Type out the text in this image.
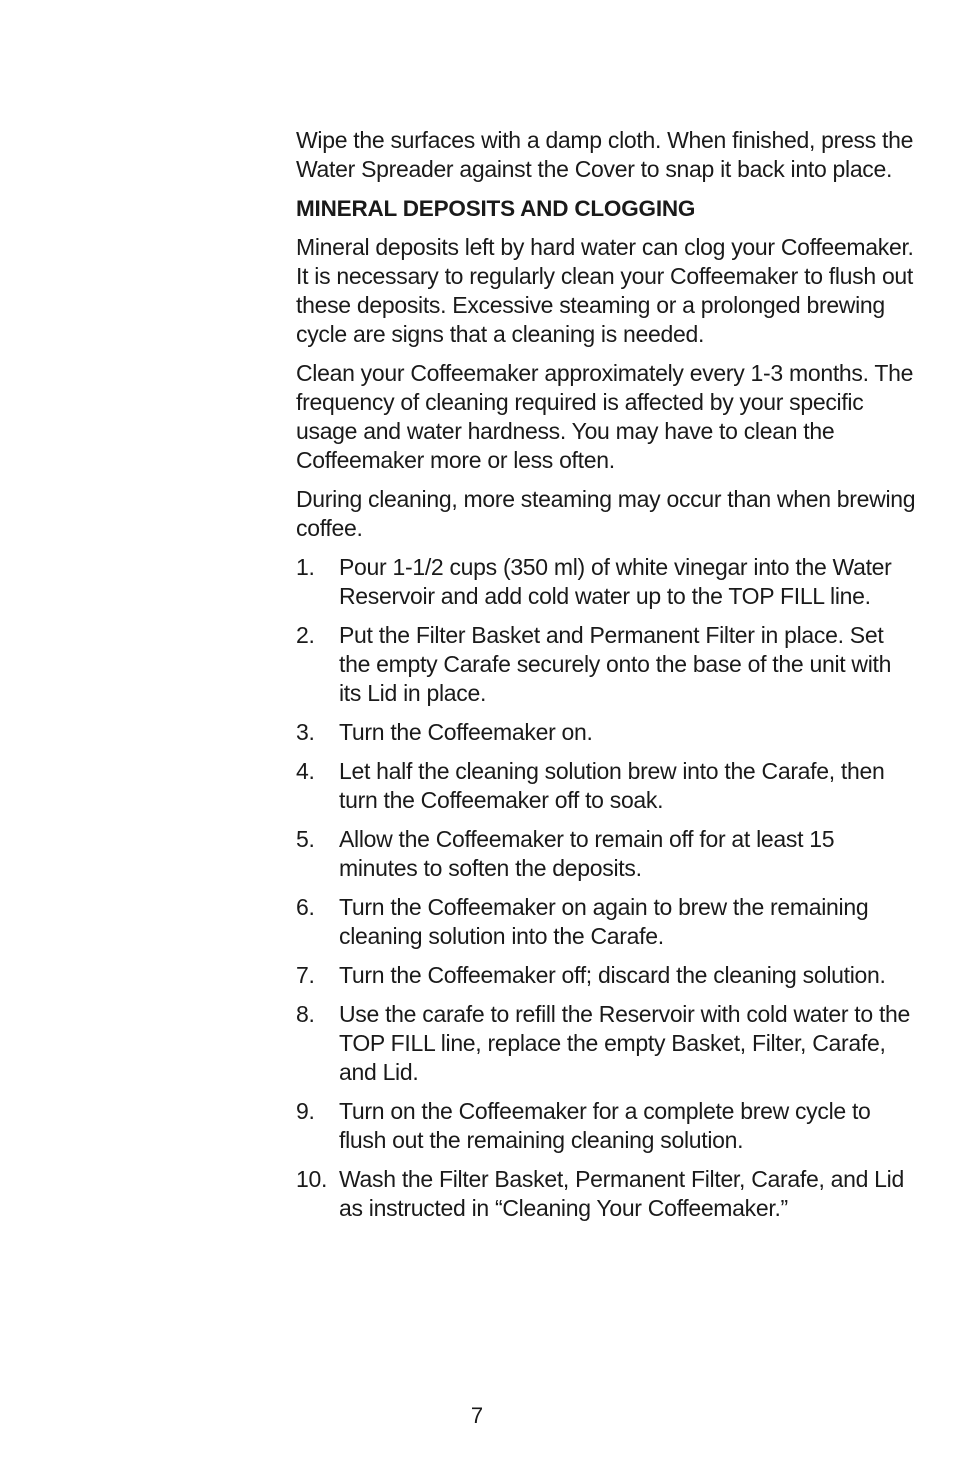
Wipe the surfaces with a damp cloth. When finished, press the Water Spreader against the Cover to snap it back into place.

MINERAL DEPOSITS AND CLOGGING

Mineral deposits left by hard water can clog your Coffeemaker. It is necessary to regularly clean your Coffeemaker to flush out these deposits. Excessive steaming or a prolonged brewing cycle are signs that a cleaning is needed.

Clean your Coffeemaker approximately every 1-3 months. The frequency of cleaning required is affected by your specific usage and water hardness. You may have to clean the Coffeemaker more or less often.

During cleaning, more steaming may occur than when brewing coffee.

1.	Pour 1-1/2 cups (350 ml) of white vinegar into the Water Reservoir and add cold water up to the TOP FILL line.
2.	Put the Filter Basket and Permanent Filter in place. Set the empty Carafe securely onto the base of the unit with its Lid in place.
3.	Turn the Coffeemaker on.
4.	Let half the cleaning solution brew into the Carafe, then turn the Coffeemaker off to soak.
5.	Allow the Coffeemaker to remain off for at least 15 minutes to soften the deposits.
6.	Turn the Coffeemaker on again to brew the remaining cleaning solution into the Carafe.
7.	Turn the Coffeemaker off; discard the cleaning solution.
8.	Use the carafe to refill the Reservoir with cold water to the TOP FILL line, replace the empty Basket, Filter, Carafe, and Lid.
9.	Turn on the Coffeemaker for a complete brew cycle to flush out the remaining cleaning solution.
10. Wash the Filter Basket, Permanent Filter, Carafe, and Lid as instructed in “Cleaning Your Coffeemaker.”
7
